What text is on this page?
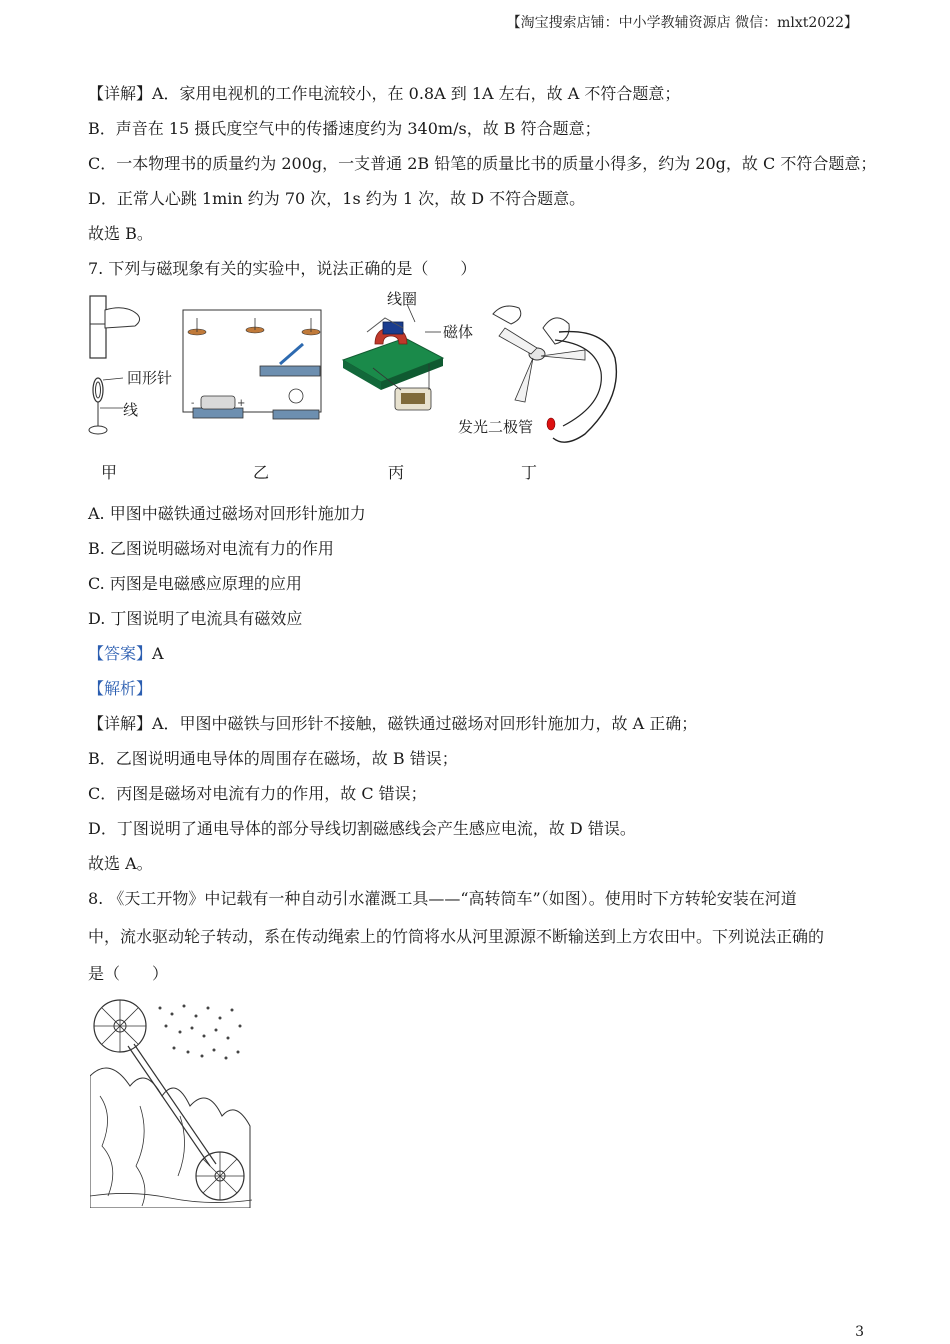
【淘宝搜索店铺：中小学教辅资源店 微信：mlxt2022】
【详解】A．家用电视机的工作电流较小，在 0.8A 到 1A 左右，故 A 不符合题意；
B．声音在 15 摄氏度空气中的传播速度约为 340m/s，故 B 符合题意；
C．一本物理书的质量约为 200g，一支普通 2B 铅笔的质量比书的质量小得多，约为 20g，故 C 不符合题意；
D．正常人心跳 1min 约为 70 次，1s 约为 1 次，故 D 不符合题意。
故选 B。
7. 下列与磁现象有关的实验中，说法正确的是（　　）
回形针
线	-	+
线圈
磁体
发光二极管
甲	乙	丙	丁
A. 甲图中磁铁通过磁场对回形针施加力
B. 乙图说明磁场对电流有力的作用
C. 丙图是电磁感应原理的应用
D. 丁图说明了电流具有磁效应
【答案】A
【解析】
【详解】A．甲图中磁铁与回形针不接触，磁铁通过磁场对回形针施加力，故 A 正确；
B．乙图说明通电导体的周围存在磁场，故 B 错误；
C．丙图是磁场对电流有力的作用，故 C 错误；
D．丁图说明了通电导体的部分导线切割磁感线会产生感应电流，故 D 错误。
故选 A。
8. 《天工开物》中记载有一种自动引水灌溉工具——“高转筒车”（如图）。使用时下方转轮安装在河道
中，流水驱动轮子转动，系在传动绳索上的竹筒将水从河里源源不断输送到上方农田中。下列说法正确的
是（　　）
3
